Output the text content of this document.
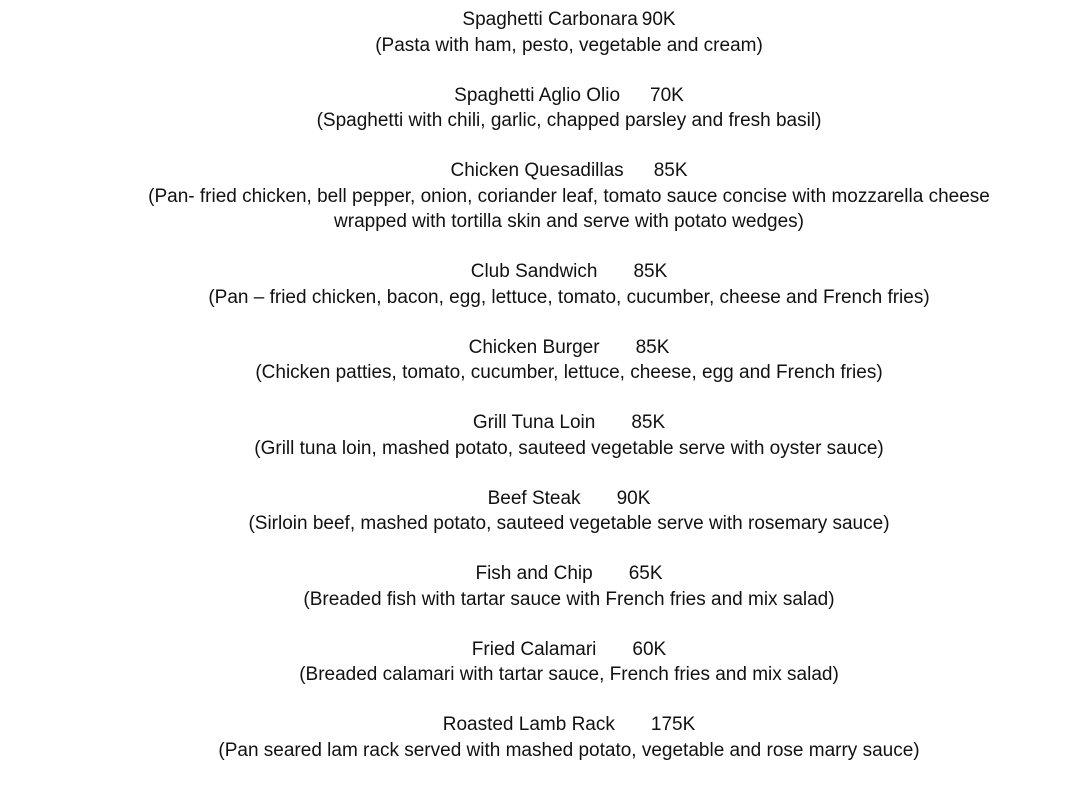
Spaghetti Carbonara 90K
(Pasta with ham, pesto, vegetable and cream)
Spaghetti Aglio Olio 70K
(Spaghetti with chili, garlic, chapped parsley and fresh basil)
Chicken Quesadillas 85K
(Pan- fried chicken, bell pepper, onion, coriander leaf, tomato sauce concise with mozzarella cheese
wrapped with tortilla skin and serve with potato wedges)
Club Sandwich 85K
(Pan – fried chicken, bacon, egg, lettuce, tomato, cucumber, cheese and French fries)
Chicken Burger 85K
(Chicken patties, tomato, cucumber, lettuce, cheese, egg and French fries)
Grill Tuna Loin 85K
(Grill tuna loin, mashed potato, sauteed vegetable serve with oyster sauce)
Beef Steak 90K
(Sirloin beef, mashed potato, sauteed vegetable serve with rosemary sauce)
Fish and Chip 65K
(Breaded fish with tartar sauce with French fries and mix salad)
Fried Calamari 60K
(Breaded calamari with tartar sauce, French fries and mix salad)
Roasted Lamb Rack 175K
(Pan seared lam rack served with mashed potato, vegetable and rose marry sauce)
